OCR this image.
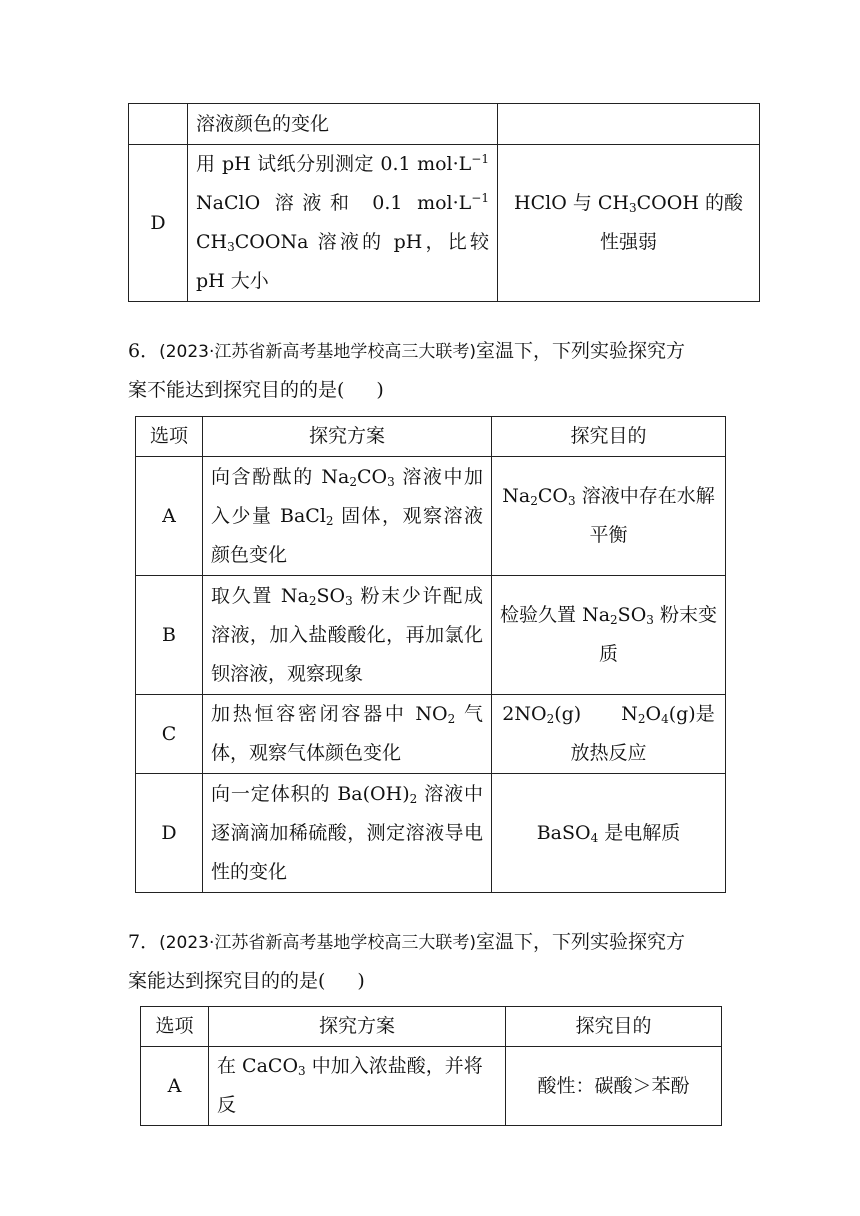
	溶液颜色的变化	
D	用 pH 试纸分别测定 0.1 $mol\cdot L^{-1}$ NaClO 溶液和 0.1 $mol\cdot L^{-1}$ $CH_3COONa$ 溶液的 pH，比较 pH 大小	HClO 与 $CH_3COOH$ 的酸性强弱
6．(2023·江苏省新高考基地学校高三大联考)室温下，下列实验探究方
案不能达到探究目的的是( )
选项	探究方案	探究目的
A	向含酚酞的 $Na_2CO_3$ 溶液中加入少量 BaCl$_2$ 固体，观察溶液颜色变化	$Na_2CO_3$ 溶液中存在水解平衡
B	取久置 $Na_2SO_3$ 粉末少许配成溶液，加入盐酸酸化，再加氯化钡溶液，观察现象	检验久置 $Na_2SO_3$ 粉末变质
C	加热恒容密闭容器中 $NO_2$ 气体，观察气体颜色变化	$2NO_2(g)$ $N_2O_4(g)$是放热反应
D	向一定体积的 $Ba(OH)_2$ 溶液中逐滴滴加稀硫酸，测定溶液导电性的变化	BaSO$_4$ 是电解质
7．(2023·江苏省新高考基地学校高三大联考)室温下，下列实验探究方
案能达到探究目的的是( )
选项	探究方案	探究目的
A	在 CaCO$_3$ 中加入浓盐酸，并将反	酸性：碳酸＞苯酚
